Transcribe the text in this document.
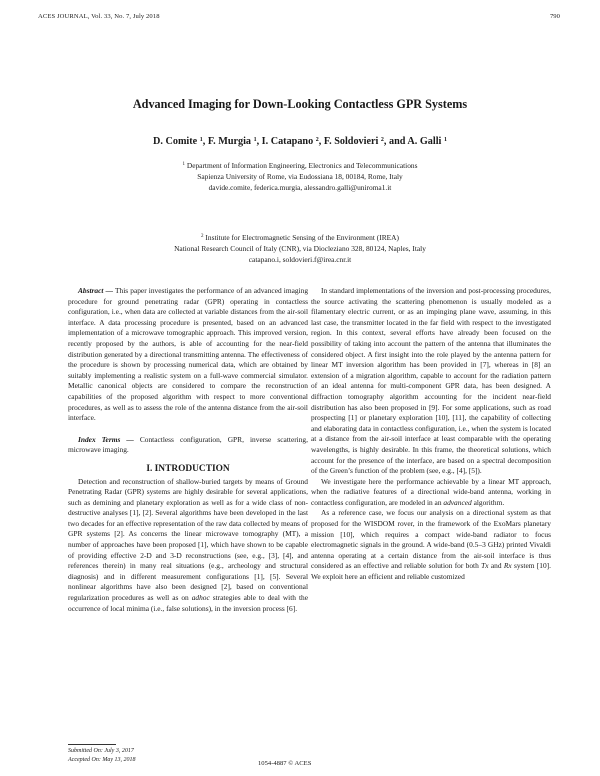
ACES JOURNAL, Vol. 33, No. 7, July 2018	790
Advanced Imaging for Down-Looking Contactless GPR Systems
D. Comite $^1$, F. Murgia $^1$, I. Catapano $^2$, F. Soldovieri $^2$, and A. Galli $^1$
$^1$ Department of Information Engineering, Electronics and Telecommunications
Sapienza University of Rome, via Eudossiana 18, 00184, Rome, Italy
davide.comite, federica.murgia, alessandro.galli@uniroma1.it
$^2$ Institute for Electromagnetic Sensing of the Environment (IREA)
National Research Council of Italy (CNR), via Diocleziano 328, 80124, Naples, Italy
catapano.i, soldovieri.f@irea.cnr.it

Abstract — This paper investigates the performance of an advanced imaging procedure for ground penetrating radar (GPR) operating in contactless configuration, i.e., when data are collected at variable distances from the air-soil interface. A data processing procedure is presented, based on an advanced implementation of a microwave tomographic approach. This improved version, recently proposed by the authors, is able of accounting for the near-field distribution generated by a directional transmitting antenna. The effectiveness of the procedure is shown by processing numerical data, which are obtained by suitably implementing a realistic system on a full-wave commercial simulator. Metallic canonical objects are considered to compare the reconstruction capabilities of the proposed algorithm with respect to more conventional procedures, as well as to assess the role of the antenna distance from the air-soil interface.

Index Terms — Contactless configuration, GPR, inverse scattering, microwave imaging.

I. INTRODUCTION

Detection and reconstruction of shallow-buried targets by means of Ground Penetrating Radar (GPR) systems are highly desirable for several applications, such as demining and planetary exploration as well as for a wide class of non-destructive analyses [1], [2]. Several algorithms have been developed in the last two decades for an effective representation of the raw data collected by means of GPR systems [2]. As concerns the linear microwave tomography (MT), a number of approaches have been proposed [1], which have shown to be capable of providing effective 2-D and 3-D reconstructions (see, e.g., [3], [4], and references therein) in many real situations (e.g., archeology and structural diagnosis) and in different measurement configurations [1], [5]. Several nonlinear algorithms have also been designed [2], based on conventional regularization procedures as well as on adhoc strategies able to deal with the occurrence of local minima (i.e., false solutions), in the inversion process [6].

In standard implementations of the inversion and post-processing procedures, the source activating the scattering phenomenon is usually modeled as a filamentary electric current, or as an impinging plane wave, assuming, in this last case, the transmitter located in the far field with respect to the investigated region. In this context, several efforts have already been focused on the possibility of taking into account the pattern of the antenna that illuminates the considered object. A first insight into the role played by the antenna pattern for linear MT inversion algorithm has been provided in [7], whereas in [8] an extension of a migration algorithm, capable to account for the radiation pattern of an ideal antenna for multi-component GPR data, has been designed. A diffraction tomography algorithm accounting for the incident near-field distribution has also been proposed in [9]. For some applications, such as road prospecting [1] or planetary exploration [10], [11], the capability of collecting and elaborating data in contactless configuration, i.e., when the system is located at a distance from the air-soil interface at least comparable with the operating wavelengths, is highly desirable. In this frame, the theoretical solutions, which account for the presence of the interface, are based on a spectral decomposition of the Green’s function of the problem (see, e.g., [4], [5]).

We investigate here the performance achievable by a linear MT approach, when the radiative features of a directional wide-band antenna, working in contactless configuration, are modeled in an advanced algorithm.

As a reference case, we focus our analysis on a directional system as that proposed for the WISDOM rover, in the framework of the ExoMars planetary mission [10], which requires a compact wide-band radiator to focus electromagnetic signals in the ground. A wide-band (0.5–3 GHz) printed Vivaldi antenna operating at a certain distance from the air-soil interface is thus considered as an effective and reliable solution for both Tx and Rx system [10]. We exploit here an efficient and reliable customized

Submitted On: July 3, 2017
Accepted On: May 13, 2018	1054-4887 © ACES
